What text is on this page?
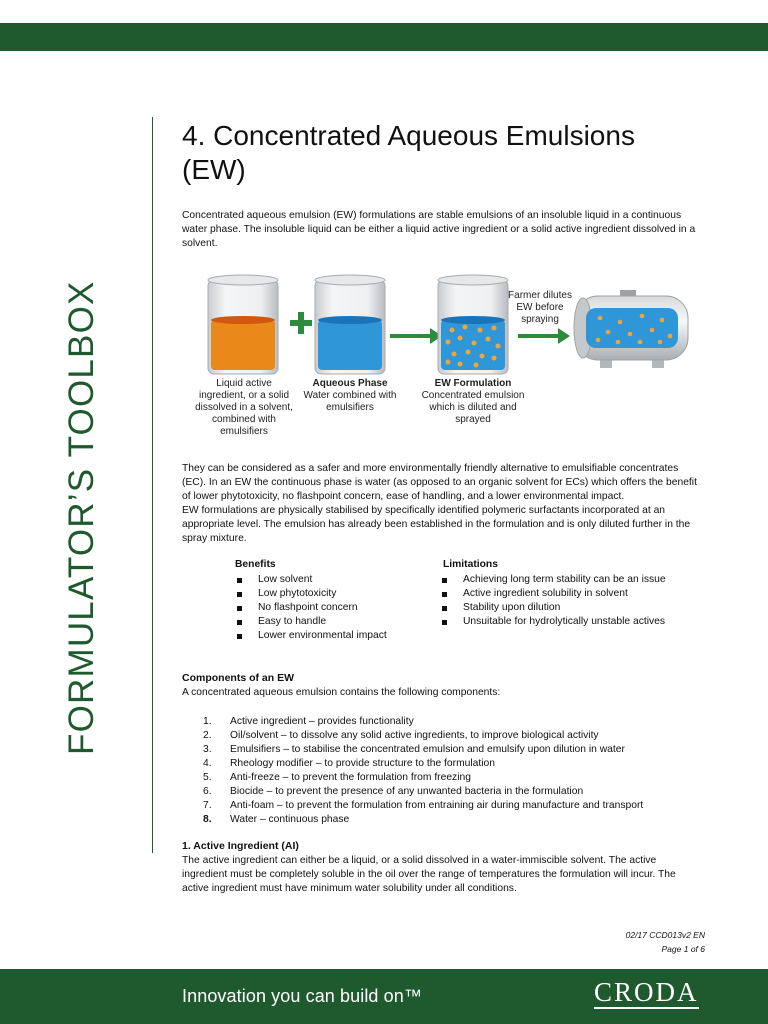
FORMULATOR’S TOOLBOX
4. Concentrated Aqueous Emulsions (EW)

Concentrated aqueous emulsion (EW) formulations are stable emulsions of an insoluble liquid in a continuous water phase. The insoluble liquid can be either a liquid active ingredient or a solid active ingredient dissolved in a solvent.

Liquid active ingredient, or a solid dissolved in a solvent, combined with emulsifiers
Aqueous Phase
Water combined with emulsifiers
EW Formulation
Concentrated emulsion which is diluted and sprayed
Farmer dilutes EW before spraying

They can be considered as a safer and more environmentally friendly alternative to emulsifiable concentrates (EC). In an EW the continuous phase is water (as opposed to an organic solvent for ECs) which offers the benefit of lower phytotoxicity, no flashpoint concern, ease of handling, and a lower environmental impact.

EW formulations are physically stabilised by specifically identified polymeric surfactants incorporated at an appropriate level. The emulsion has already been established in the formulation and is only diluted further in the spray mixture.

Benefits
Low solvent
Low phytotoxicity
No flashpoint concern
Easy to handle
Lower environmental impact
Limitations
Achieving long term stability can be an issue
Active ingredient solubility in solvent
Stability upon dilution
Unsuitable for hydrolytically unstable actives
Components of an EW

A concentrated aqueous emulsion contains the following components:

1. Active ingredient – provides functionality
2. Oil/solvent – to dissolve any solid active ingredients, to improve biological activity
3. Emulsifiers – to stabilise the concentrated emulsion and emulsify upon dilution in water
4. Rheology modifier – to provide structure to the formulation
5. Anti-freeze – to prevent the formulation from freezing
6. Biocide – to prevent the presence of any unwanted bacteria in the formulation
7. Anti-foam – to prevent the formulation from entraining air during manufacture and transport
8. Water – continuous phase
1. Active Ingredient (AI)

The active ingredient can either be a liquid, or a solid dissolved in a water-immiscible solvent. The active ingredient must be completely soluble in the oil over the range of temperatures the formulation will incur. The active ingredient must have minimum water solubility under all conditions.

02/17 CCD013v2 EN
Page 1 of 6
Innovation you can build on™	CRODA
